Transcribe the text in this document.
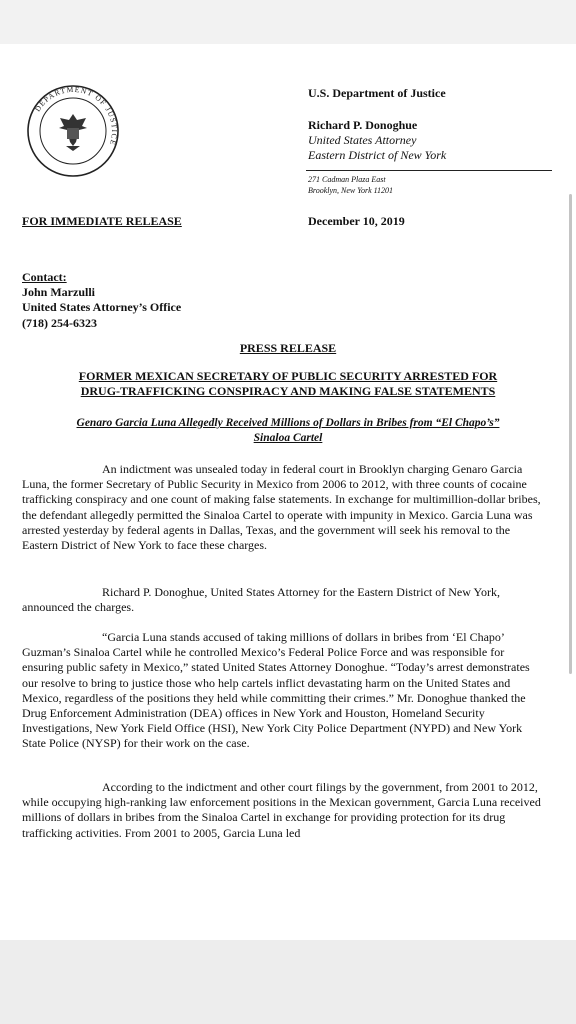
DEPARTMENT OF JUSTICE
U.S. Department of Justice
Richard P. Donoghue
United States Attorney
Eastern District of New York
271 Cadman Plaza East
Brooklyn, New York 11201
FOR IMMEDIATE RELEASE	December 10, 2019
Contact:
John Marzulli
United States Attorney’s Office
(718) 254-6323
PRESS RELEASE
FORMER MEXICAN SECRETARY OF PUBLIC SECURITY ARRESTED FOR
DRUG-TRAFFICKING CONSPIRACY AND MAKING FALSE STATEMENTS
Genaro Garcia Luna Allegedly Received Millions of Dollars in Bribes from “El Chapo’s”
Sinaloa Cartel
An indictment was unsealed today in federal court in Brooklyn charging Genaro Garcia Luna, the former Secretary of Public Security in Mexico from 2006 to 2012, with three counts of cocaine trafficking conspiracy and one count of making false statements. In exchange for multimillion-dollar bribes, the defendant allegedly permitted the Sinaloa Cartel to operate with impunity in Mexico. Garcia Luna was arrested yesterday by federal agents in Dallas, Texas, and the government will seek his removal to the Eastern District of New York to face these charges.
Richard P. Donoghue, United States Attorney for the Eastern District of New York, announced the charges.
“Garcia Luna stands accused of taking millions of dollars in bribes from ‘El Chapo’ Guzman’s Sinaloa Cartel while he controlled Mexico’s Federal Police Force and was responsible for ensuring public safety in Mexico,” stated United States Attorney Donoghue. “Today’s arrest demonstrates our resolve to bring to justice those who help cartels inflict devastating harm on the United States and Mexico, regardless of the positions they held while committing their crimes.” Mr. Donoghue thanked the Drug Enforcement Administration (DEA) offices in New York and Houston, Homeland Security Investigations, New York Field Office (HSI), New York City Police Department (NYPD) and New York State Police (NYSP) for their work on the case.
According to the indictment and other court filings by the government, from 2001 to 2012, while occupying high-ranking law enforcement positions in the Mexican government, Garcia Luna received millions of dollars in bribes from the Sinaloa Cartel in exchange for providing protection for its drug trafficking activities. From 2001 to 2005, Garcia Luna led
